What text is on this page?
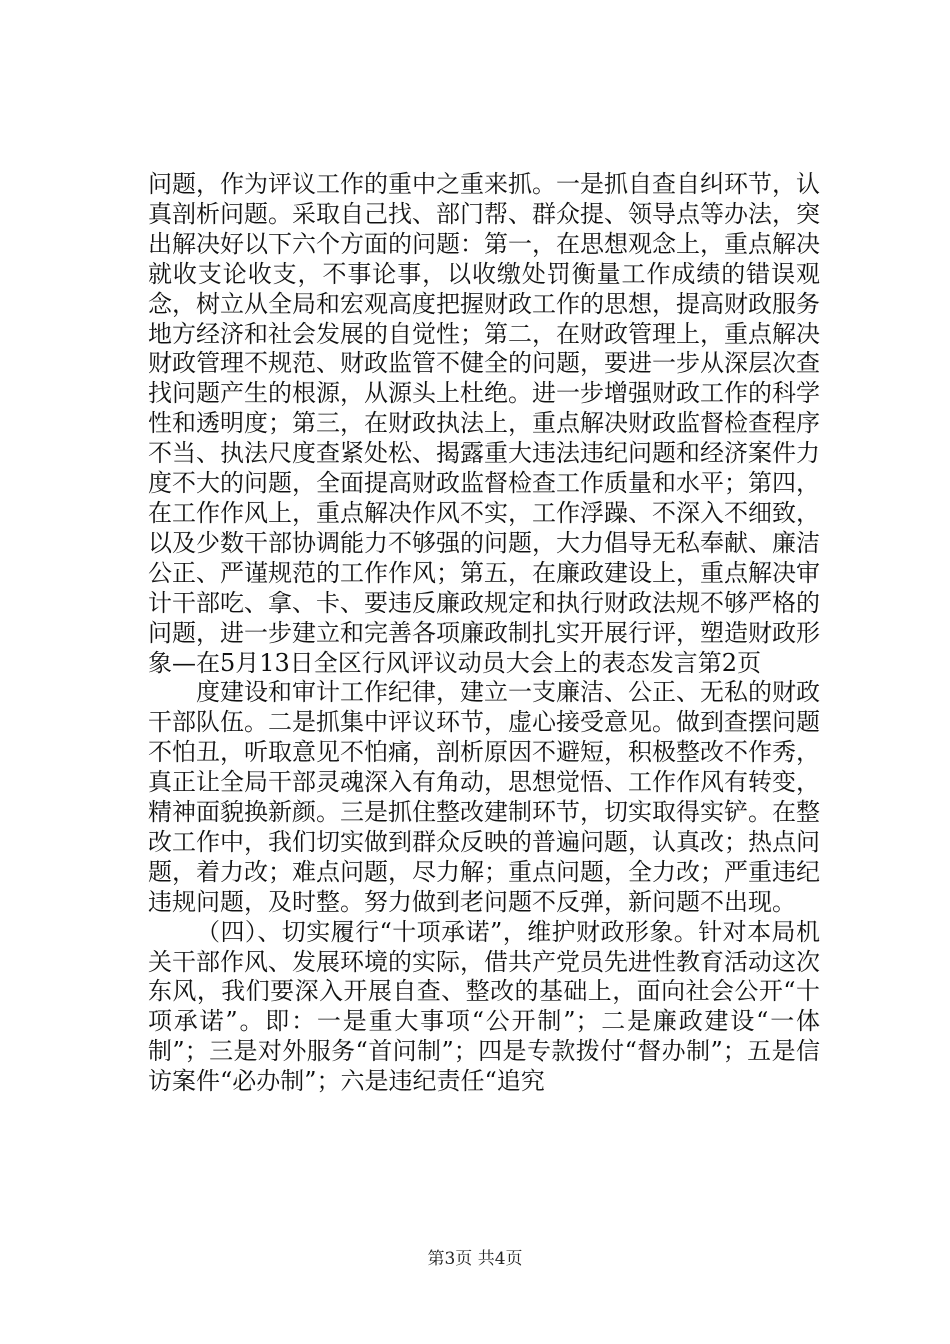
问题，作为评议工作的重中之重来抓。一是抓自查自纠环节，认真剖析问题。采取自己找、部门帮、群众提、领导点等办法，突出解决好以下六个方面的问题：第一，在思想观念上，重点解决就收支论收支，不事论事，以收缴处罚衡量工作成绩的错误观念，树立从全局和宏观高度把握财政工作的思想，提高财政服务地方经济和社会发展的自觉性；第二，在财政管理上，重点解决财政管理不规范、财政监管不健全的问题，要进一步从深层次查找问题产生的根源，从源头上杜绝。进一步增强财政工作的科学性和透明度；第三，在财政执法上，重点解决财政监督检查程序不当、执法尺度查紧处松、揭露重大违法违纪问题和经济案件力度不大的问题，全面提高财政监督检查工作质量和水平；第四，在工作作风上，重点解决作风不实，工作浮躁、不深入不细致，以及少数干部协调能力不够强的问题，大力倡导无私奉献、廉洁公正、严谨规范的工作作风；第五，在廉政建设上，重点解决审计干部吃、拿、卡、要违反廉政规定和执行财政法规不够严格的问题，进一步建立和完善各项廉政制扎实开展行评，塑造财政形象—在5月13日全区行风评议动员大会上的表态发言第2页

度建设和审计工作纪律，建立一支廉洁、公正、无私的财政干部队伍。二是抓集中评议环节，虚心接受意见。做到查摆问题不怕丑，听取意见不怕痛，剖析原因不避短，积极整改不作秀，真正让全局干部灵魂深入有角动，思想觉悟、工作作风有转变，精神面貌换新颜。三是抓住整改建制环节，切实取得实铲。在整改工作中，我们切实做到群众反映的普遍问题，认真改；热点问题，着力改；难点问题，尽力解；重点问题，全力改；严重违纪违规问题，及时整。努力做到老问题不反弹，新问题不出现。

（四）、切实履行“十项承诺”，维护财政形象。针对本局机关干部作风、发展环境的实际，借共产党员先进性教育活动这次东风，我们要深入开展自查、整改的基础上，面向社会公开“十项承诺”。即：一是重大事项“公开制”；二是廉政建设“一体制”；三是对外服务“首问制”；四是专款拨付“督办制”；五是信访案件“必办制”；六是违纪责任“追究

第3页 共4页
